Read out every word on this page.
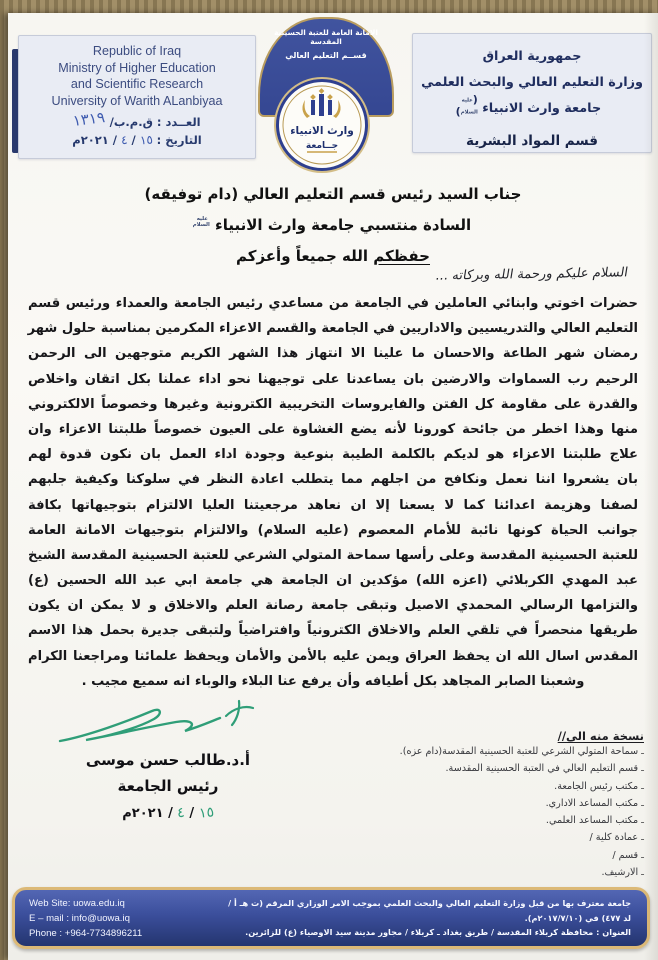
Republic of Iraq
Ministry of Higher Education
and Scientific Research
University of Warith ALanbiyaa
العــدد : ق.م.ب/ ١٣١٩
التاريخ : ١٥ / ٤ / ٢٠٢١م
جمهورية العراق
وزارة التعليم العالي والبحث العلمي
جامعة وارث الانبياء ( عليه السلام )
قسم المواد البشرية
الامانة العامة للعتبة الحسينية المقدسة
قســم التعليم العالي
وارث الانبياء
جــامعة
جناب السيد رئيس قسم التعليم العالي (دام توفيقه)
السادة منتسبي جامعة وارث الانبياء عليه السلام
حفظكم الله جميعاً وأعزكم
السلام عليكم ورحمة الله وبركاته ...
حضرات اخوتي وابنائي العاملين في الجامعة من مساعدي رئيس الجامعة والعمداء ورئيس قسم
التعليم العالي والتدريسيين والاداريين في الجامعة والقسم الاعزاء المكرمين بمناسبة حلول شهر
رمضان شهر الطاعة والاحسان ما علينا الا انتهاز هذا الشهر الكريم متوجهين الى الرحمن
الرحيم رب السماوات والارضين بان يساعدنا على توجيهنا نحو اداء عملنا بكل اتقان واخلاص
والقدرة على مقاومة كل الفتن والفايروسات التخريبية الكترونية وغيرها وخصوصاً الالكتروني
منها وهذا اخطر من جائحة كورونا لأنه يضع الغشاوة على العيون خصوصاً طلبتنا الاعزاء وان
علاج طلبتنا الاعزاء هو لديكم بالكلمة الطيبة بنوعية وجودة اداء العمل بان نكون قدوة لهم
بان يشعروا اننا نعمل ونكافح من اجلهم مما يتطلب اعادة النظر في سلوكنا وكيفية جلبهم
لصفنا وهزيمة اعدائنا كما لا يسعنا إلا ان نعاهد مرجعيتنا العليا الالتزام بتوجيهاتها بكافة
جوانب الحياة كونها نائبة للأمام المعصوم (عليه السلام) والالتزام بتوجيهات الامانة العامة
للعتبة الحسينية المقدسة وعلى رأسها سماحة المتولي الشرعي للعتبة الحسينية المقدسة الشيخ
عبد المهدي الكربلائي (اعزه الله) مؤكدين ان الجامعة هي جامعة ابي عبد الله الحسين (ع)
والتزامها الرسالي المحمدي الاصيل وتبقى جامعة رصانة العلم والاخلاق و لا يمكن ان يكون
طريقها منحصراً في تلقي العلم والاخلاق الكترونياً وافتراضياً ولتبقى جديرة بحمل هذا الاسم
المقدس اسال الله ان يحفظ العراق ويمن عليه بالأمن والأمان ويحفظ علمائنا ومراجعنا الكرام
وشعبنا الصابر المجاهد بكل أطيافه وأن يرفع عنا البلاء والوباء انه سميع مجيب .
أ.د.طالب حسن موسى
رئيس الجامعة
١٥ / ٤ / ٢٠٢١م
نسخة منه الى//
ـ سماحة المتولي الشرعي للعتبة الحسينية المقدسة(دام عزه).
ـ قسم التعليم العالي في العتبة الحسينية المقدسة.
ـ مكتب رئيس الجامعة.
ـ مكتب المساعد الاداري.
ـ مكتب المساعد العلمي.
ـ عمادة كلية /
ـ قسم /
ـ الارشيف.
Web Site: uowa.edu.iq
E – mail : info@uowa.iq
Phone : +964-7734896211
جامعة معترف بها من قبل وزارة التعليم العالي والبحث العلمي بموجب الامر الوزاري المرقم (ت هـ أ / لد ٤٧٧) في (٢٠١٧/٧/١٠م).
العنوان : محافظة كربلاء المقدسة / طريق بغداد ـ كربلاء / مجاور مدينة سيد الاوصياء (ع) للزائرين.
